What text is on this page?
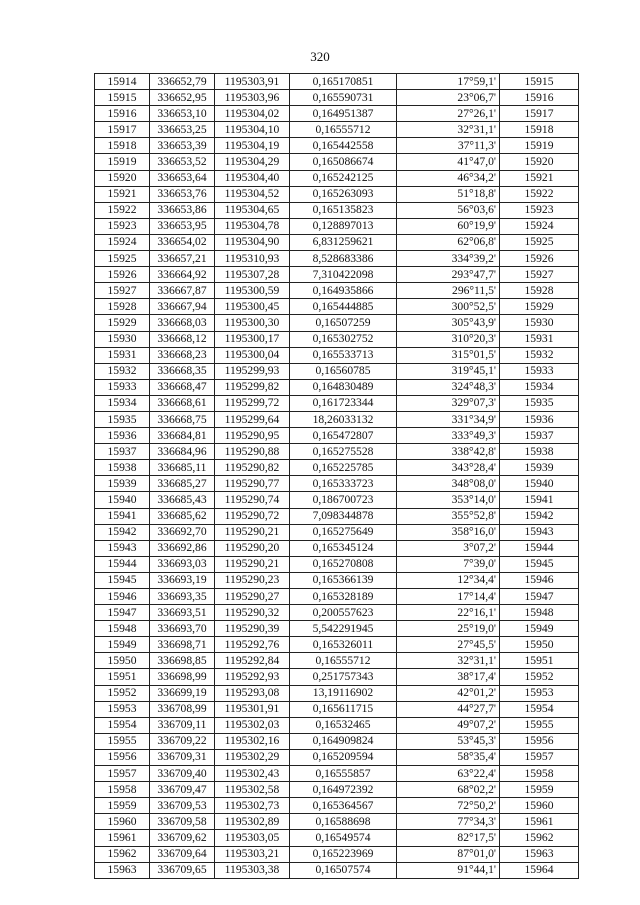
320
15914	336652,79	1195303,91	0,165170851	17°59,1'	15915
15915	336652,95	1195303,96	0,165590731	23°06,7'	15916
15916	336653,10	1195304,02	0,164951387	27°26,1'	15917
15917	336653,25	1195304,10	0,16555712	32°31,1'	15918
15918	336653,39	1195304,19	0,165442558	37°11,3'	15919
15919	336653,52	1195304,29	0,165086674	41°47,0'	15920
15920	336653,64	1195304,40	0,165242125	46°34,2'	15921
15921	336653,76	1195304,52	0,165263093	51°18,8'	15922
15922	336653,86	1195304,65	0,165135823	56°03,6'	15923
15923	336653,95	1195304,78	0,128897013	60°19,9'	15924
15924	336654,02	1195304,90	6,831259621	62°06,8'	15925
15925	336657,21	1195310,93	8,528683386	334°39,2'	15926
15926	336664,92	1195307,28	7,310422098	293°47,7'	15927
15927	336667,87	1195300,59	0,164935866	296°11,5'	15928
15928	336667,94	1195300,45	0,165444885	300°52,5'	15929
15929	336668,03	1195300,30	0,16507259	305°43,9'	15930
15930	336668,12	1195300,17	0,165302752	310°20,3'	15931
15931	336668,23	1195300,04	0,165533713	315°01,5'	15932
15932	336668,35	1195299,93	0,16560785	319°45,1'	15933
15933	336668,47	1195299,82	0,164830489	324°48,3'	15934
15934	336668,61	1195299,72	0,161723344	329°07,3'	15935
15935	336668,75	1195299,64	18,26033132	331°34,9'	15936
15936	336684,81	1195290,95	0,165472807	333°49,3'	15937
15937	336684,96	1195290,88	0,165275528	338°42,8'	15938
15938	336685,11	1195290,82	0,165225785	343°28,4'	15939
15939	336685,27	1195290,77	0,165333723	348°08,0'	15940
15940	336685,43	1195290,74	0,186700723	353°14,0'	15941
15941	336685,62	1195290,72	7,098344878	355°52,8'	15942
15942	336692,70	1195290,21	0,165275649	358°16,0'	15943
15943	336692,86	1195290,20	0,165345124	3°07,2'	15944
15944	336693,03	1195290,21	0,165270808	7°39,0'	15945
15945	336693,19	1195290,23	0,165366139	12°34,4'	15946
15946	336693,35	1195290,27	0,165328189	17°14,4'	15947
15947	336693,51	1195290,32	0,200557623	22°16,1'	15948
15948	336693,70	1195290,39	5,542291945	25°19,0'	15949
15949	336698,71	1195292,76	0,165326011	27°45,5'	15950
15950	336698,85	1195292,84	0,16555712	32°31,1'	15951
15951	336698,99	1195292,93	0,251757343	38°17,4'	15952
15952	336699,19	1195293,08	13,19116902	42°01,2'	15953
15953	336708,99	1195301,91	0,165611715	44°27,7'	15954
15954	336709,11	1195302,03	0,16532465	49°07,2'	15955
15955	336709,22	1195302,16	0,164909824	53°45,3'	15956
15956	336709,31	1195302,29	0,165209594	58°35,4'	15957
15957	336709,40	1195302,43	0,16555857	63°22,4'	15958
15958	336709,47	1195302,58	0,164972392	68°02,2'	15959
15959	336709,53	1195302,73	0,165364567	72°50,2'	15960
15960	336709,58	1195302,89	0,16588698	77°34,3'	15961
15961	336709,62	1195303,05	0,16549574	82°17,5'	15962
15962	336709,64	1195303,21	0,165223969	87°01,0'	15963
15963	336709,65	1195303,38	0,16507574	91°44,1'	15964
